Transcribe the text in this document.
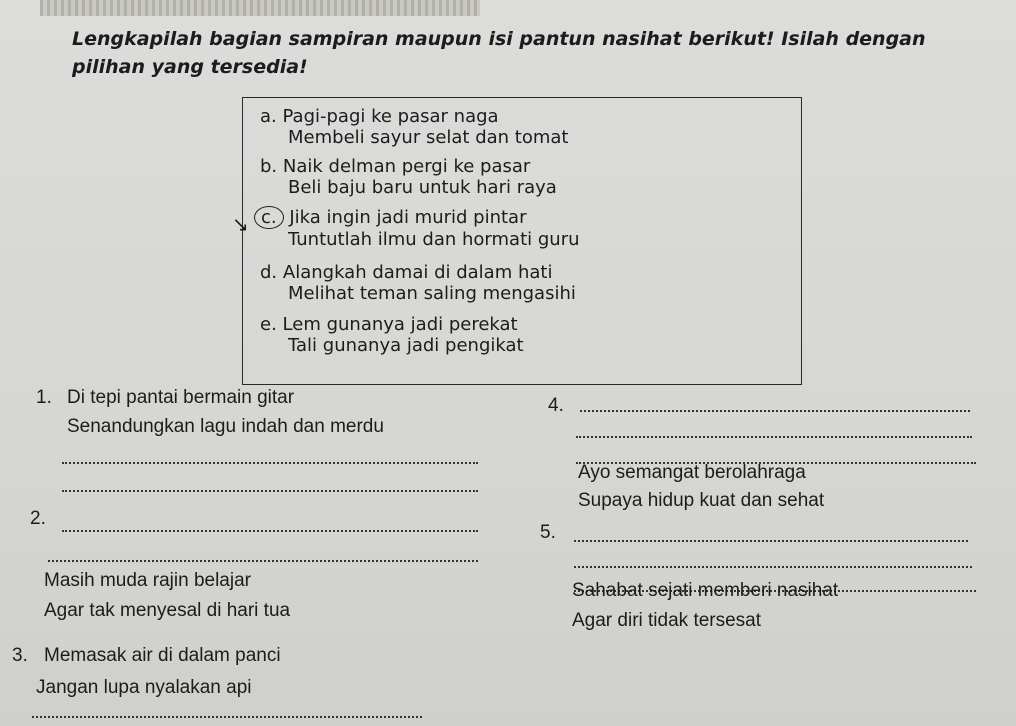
Lengkapilah bagian sampiran maupun isi pantun nasihat berikut! Isilah dengan pilihan yang tersedia!

a. Pagi-pagi ke pasar naga
Membeli sayur selat dan tomat
b. Naik delman pergi ke pasar
Beli baju baru untuk hari raya
c. Jika ingin jadi murid pintar
Tuntutlah ilmu dan hormati guru
d. Alangkah damai di dalam hati
Melihat teman saling mengasihi
e. Lem gunanya jadi perekat
Tali gunanya jadi pengikat
↘
1. Di tepi pantai bermain gitar
Senandungkan lagu indah dan merdu
2.
Masih muda rajin belajar
Agar tak menyesal di hari tua
3. Memasak air di dalam panci
Jangan lupa nyalakan api
4.
Ayo semangat berolahraga
Supaya hidup kuat dan sehat
5.
Sahabat sejati memberi nasihat
Agar diri tidak tersesat
